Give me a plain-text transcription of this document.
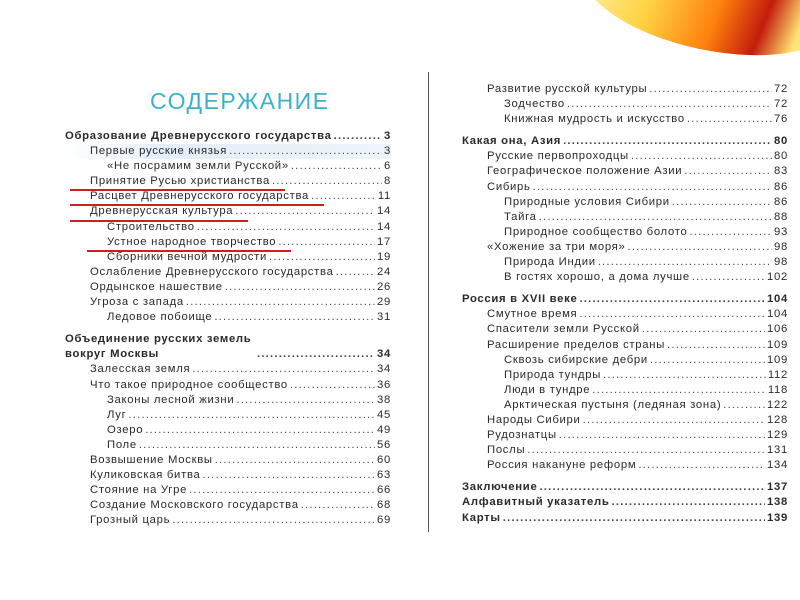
СОДЕРЖАНИЕ
Образование Древнерусского государства .....	3
Первые русские князья .....	3
«Не посрамим земли Русской» .....	6
Принятие Русью христианства .....	8
Расцвет Древнерусского государства .....	11
Древнерусская культура .....	14
Строительство .....	14
Устное народное творчество .....	17
Сборники вечной мудрости .....	19
Ослабление Древнерусского государства .....	24
Ордынское нашествие .....	26
Угроза с запада .....	29
Ледовое побоище .....	31
Объединение русских земель вокруг Москвы .....	34
Залесская земля .....	34
Что такое природное сообщество .....	36
Законы лесной жизни .....	38
Луг .....	45
Озеро .....	49
Поле .....	56
Возвышение Москвы .....	60
Куликовская битва .....	63
Стояние на Угре .....	66
Создание Московского государства .....	68
Грозный царь .....	69
Развитие русской культуры .....	72
Зодчество .....	72
Книжная мудрость и искусство .....	76
Какая она, Азия .....	80
Русские первопроходцы .....	80
Географическое положение Азии .....	83
Сибирь .....	86
Природные условия Сибири .....	86
Тайга .....	88
Природное сообщество болото .....	93
«Хожение за три моря» .....	98
Природа Индии .....	98
В гостях хорошо, а дома лучше .....	102
Россия в XVII веке .....	104
Смутное время .....	104
Спасители земли Русской .....	106
Расширение пределов страны .....	109
Сквозь сибирские дебри .....	109
Природа тундры .....	112
Люди в тундре .....	118
Арктическая пустыня (ледяная зона) .....	122
Народы Сибири .....	128
Рудознатцы .....	129
Послы .....	131
Россия накануне реформ .....	134
Заключение .....	137
Алфавитный указатель .....	138
Карты .....	139
